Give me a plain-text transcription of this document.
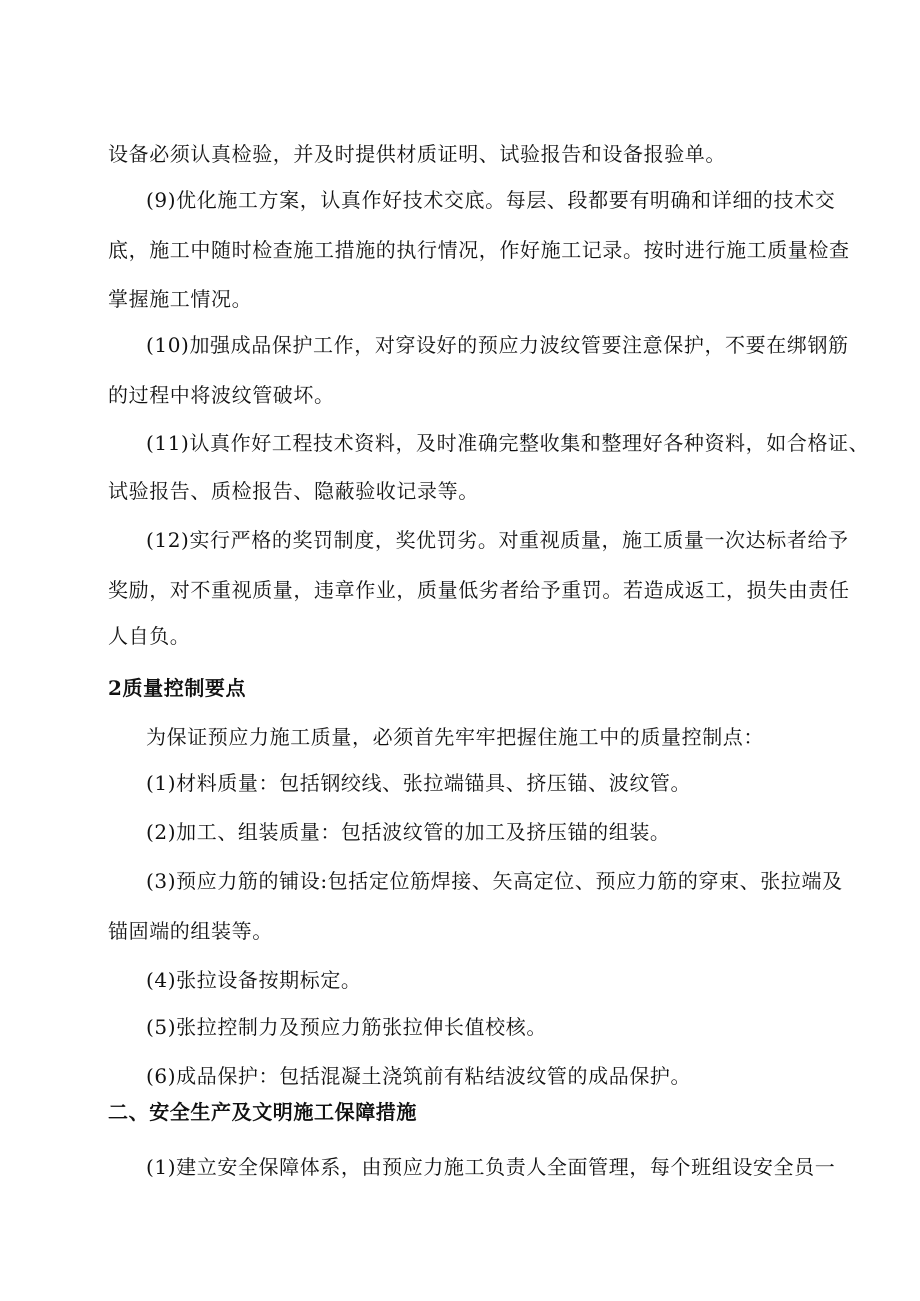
设备必须认真检验，并及时提供材质证明、试验报告和设备报验单。
(9)优化施工方案，认真作好技术交底。每层、段都要有明确和详细的技术交
底，施工中随时检查施工措施的执行情况，作好施工记录。按时进行施工质量检查
掌握施工情况。
(10)加强成品保护工作，对穿设好的预应力波纹管要注意保护，不要在绑钢筋
的过程中将波纹管破坏。
(11)认真作好工程技术资料，及时准确完整收集和整理好各种资料，如合格证、
试验报告、质检报告、隐蔽验收记录等。
(12)实行严格的奖罚制度，奖优罚劣。对重视质量，施工质量一次达标者给予
奖励，对不重视质量，违章作业，质量低劣者给予重罚。若造成返工，损失由责任
人自负。
2质量控制要点
为保证预应力施工质量，必须首先牢牢把握住施工中的质量控制点：
(1)材料质量：包括钢绞线、张拉端锚具、挤压锚、波纹管。
(2)加工、组装质量：包括波纹管的加工及挤压锚的组装。
(3)预应力筋的铺设:包括定位筋焊接、矢高定位、预应力筋的穿束、张拉端及
锚固端的组装等。
(4)张拉设备按期标定。
(5)张拉控制力及预应力筋张拉伸长值校核。
(6)成品保护：包括混凝土浇筑前有粘结波纹管的成品保护。
二、安全生产及文明施工保障措施
(1)建立安全保障体系，由预应力施工负责人全面管理，每个班组设安全员一
